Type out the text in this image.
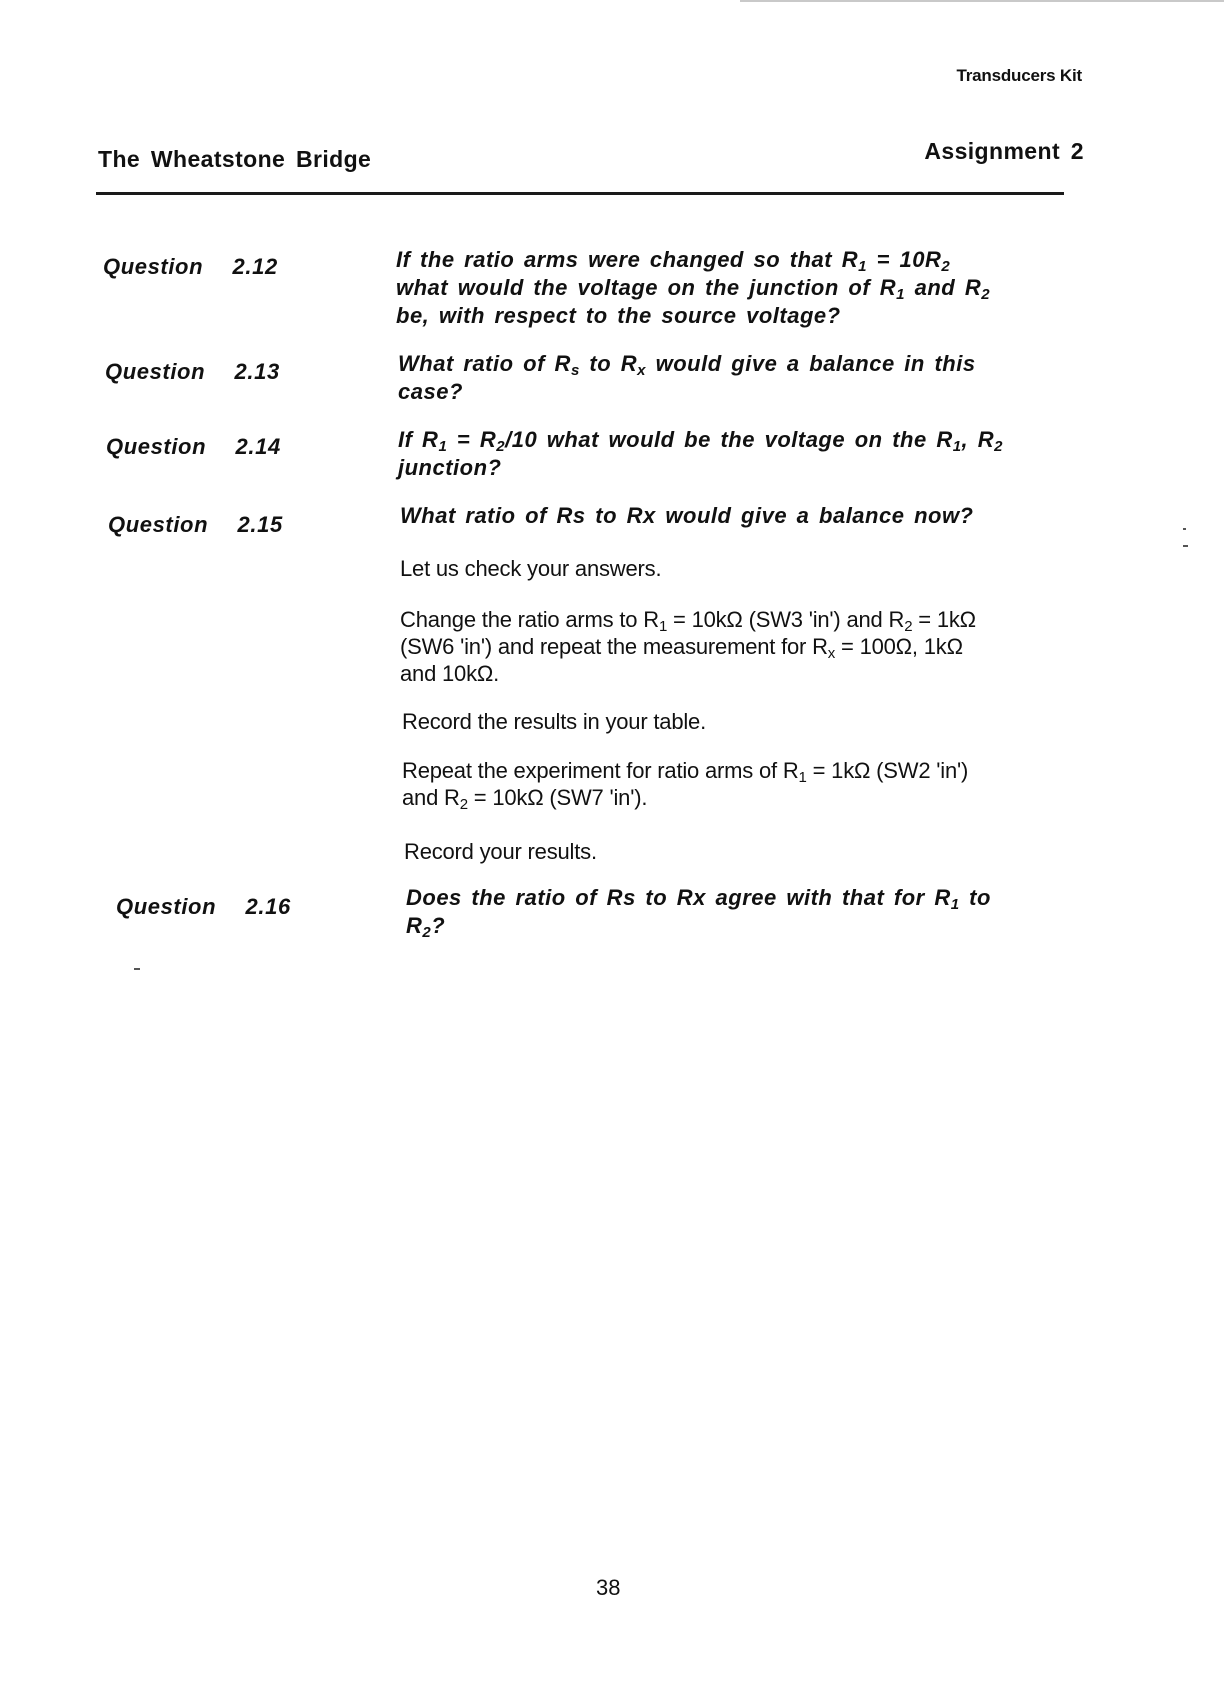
Transducers Kit
The Wheatstone Bridge	Assignment 2
Question  2.12	If the ratio arms were changed so that $R_1 = 10R_2$
what would the voltage on the junction of $R_1$ and $R_2$
be, with respect to the source voltage?
Question  2.13	What ratio of $R_s$ to $R_x$ would give a balance in this
case?
Question  2.14	If $R_1 = R_2/10$ what would be the voltage on the $R_1$, $R_2$
junction?
Question  2.15	What ratio of Rs to Rx would give a balance now?
Let us check your answers.
Change the ratio arms to $R_1 = 10k\Omega$ (SW3 'in') and $R_2 = 1k\Omega$
(SW6 'in') and repeat the measurement for $R_x = 100\Omega$, 1kΩ
and 10kΩ.
Record the results in your table.
Repeat the experiment for ratio arms of $R_1 = 1k\Omega$ (SW2 'in')
and $R_2 = 10k\Omega$ (SW7 'in').
Record your results.
Question  2.16	Does the ratio of Rs to Rx agree with that for $R_1$ to
$R_2$?
38
